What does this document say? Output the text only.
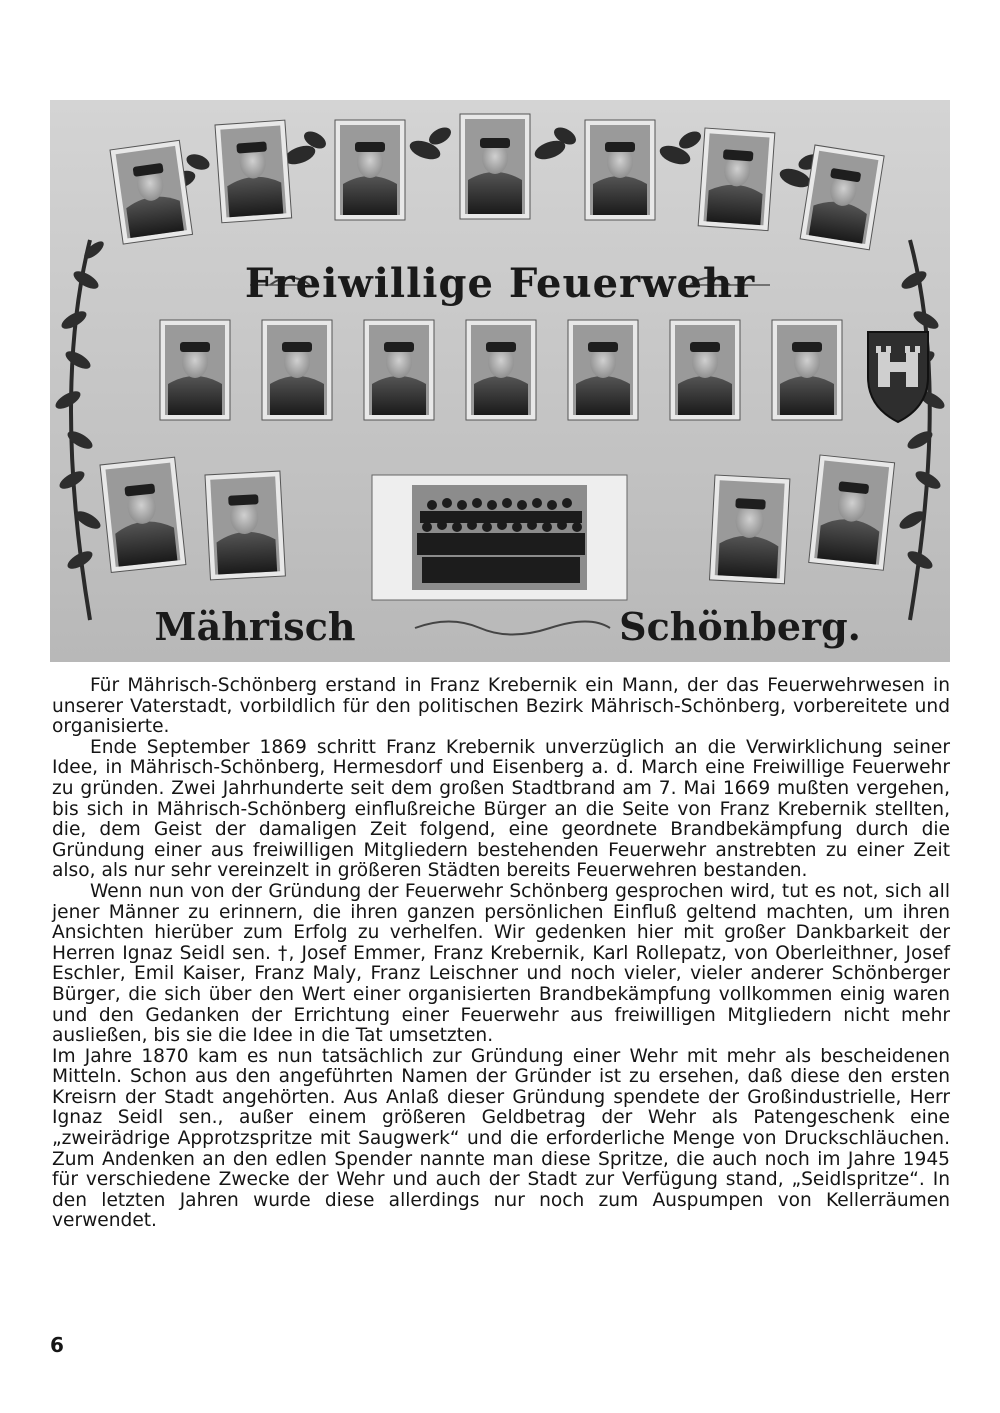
Freiwillige Feuerwehr
Mährisch	Schönberg.

Für Mährisch-Schönberg erstand in Franz Krebernik ein Mann, der das Feuerwehrwesen in unserer Vaterstadt, vorbildlich für den politischen Bezirk Mährisch-Schönberg, vorbereitete und organisierte.

Ende September 1869 schritt Franz Krebernik unverzüglich an die Verwirklichung seiner Idee, in Mährisch-Schönberg, Hermesdorf und Eisenberg a. d. March eine Freiwillige Feuerwehr zu gründen. Zwei Jahrhunderte seit dem großen Stadtbrand am 7. Mai 1669 mußten vergehen, bis sich in Mährisch-Schönberg einflußreiche Bürger an die Seite von Franz Krebernik stellten, die, dem Geist der damaligen Zeit folgend, eine geordnete Brandbekämpfung durch die Gründung einer aus freiwilligen Mitgliedern bestehenden Feuerwehr anstrebten zu einer Zeit also, als nur sehr vereinzelt in größeren Städten bereits Feuerwehren bestanden.

Wenn nun von der Gründung der Feuerwehr Schönberg gesprochen wird, tut es not, sich all jener Männer zu erinnern, die ihren ganzen persönlichen Einfluß geltend machten, um ihren Ansichten hierüber zum Erfolg zu verhelfen. Wir gedenken hier mit großer Dankbarkeit der Herren Ignaz Seidl sen. †, Josef Emmer, Franz Krebernik, Karl Rollepatz, von Oberleithner, Josef Eschler, Emil Kaiser, Franz Maly, Franz Leischner und noch vieler, vieler anderer Schönberger Bürger, die sich über den Wert einer organisierten Brandbekämpfung vollkommen einig waren und den Gedanken der Errichtung einer Feuerwehr aus freiwilligen Mitgliedern nicht mehr ausließen, bis sie die Idee in die Tat umsetzten.

Im Jahre 1870 kam es nun tatsächlich zur Gründung einer Wehr mit mehr als bescheidenen Mitteln. Schon aus den angeführten Namen der Gründer ist zu ersehen, daß diese den ersten Kreisrn der Stadt angehörten. Aus Anlaß dieser Gründung spendete der Großindustrielle, Herr Ignaz Seidl sen., außer einem größeren Geldbetrag der Wehr als Patengeschenk eine „zweirädrige Approtzspritze mit Saugwerk“ und die erforderliche Menge von Druckschläuchen. Zum Andenken an den edlen Spender nannte man diese Spritze, die auch noch im Jahre 1945 für verschiedene Zwecke der Wehr und auch der Stadt zur Verfügung stand, „Seidlspritze“. In den letzten Jahren wurde diese allerdings nur noch zum Auspumpen von Kellerräumen verwendet.

6
